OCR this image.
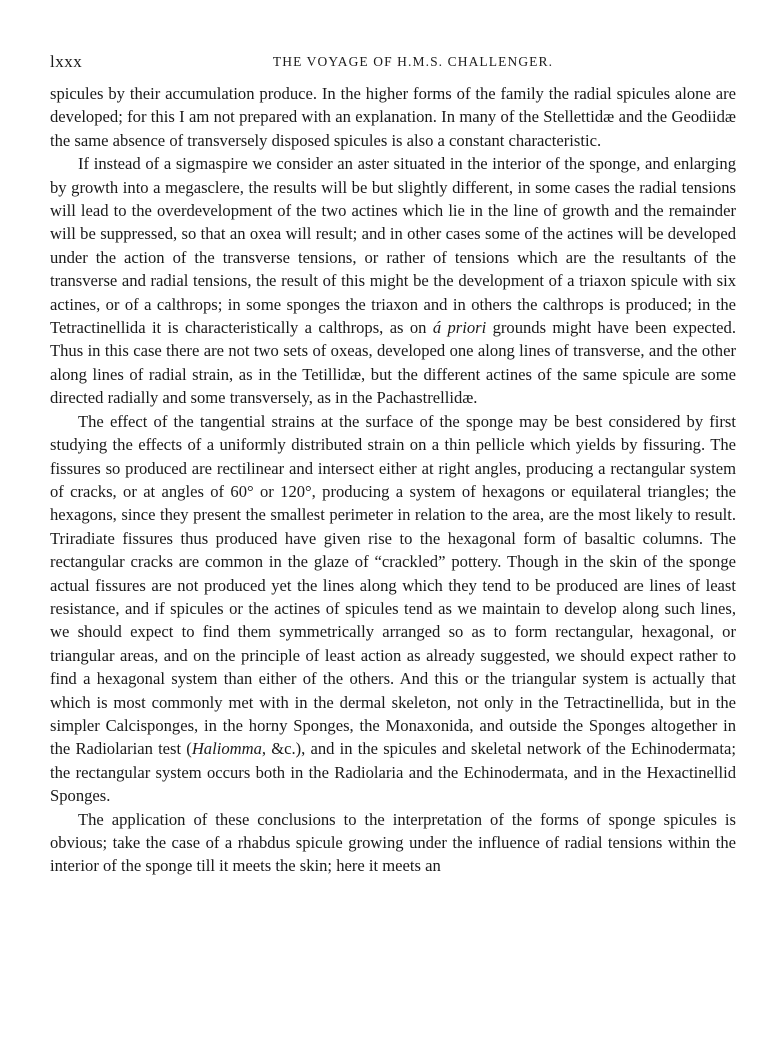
lxxx	THE VOYAGE OF H.M.S. CHALLENGER.

spicules by their accumulation produce. In the higher forms of the family the radial spicules alone are developed; for this I am not prepared with an explanation. In many of the Stellettidæ and the Geodiidæ the same absence of transversely disposed spicules is also a constant characteristic.

If instead of a sigmaspire we consider an aster situated in the interior of the sponge, and enlarging by growth into a megasclere, the results will be but slightly different, in some cases the radial tensions will lead to the overdevelopment of the two actines which lie in the line of growth and the remainder will be suppressed, so that an oxea will result; and in other cases some of the actines will be developed under the action of the transverse tensions, or rather of tensions which are the resultants of the transverse and radial tensions, the result of this might be the development of a triaxon spicule with six actines, or of a calthrops; in some sponges the triaxon and in others the calthrops is produced; in the Tetractinellida it is characteristically a calthrops, as on á priori grounds might have been expected. Thus in this case there are not two sets of oxeas, developed one along lines of transverse, and the other along lines of radial strain, as in the Tetillidæ, but the different actines of the same spicule are some directed radially and some transversely, as in the Pachastrellidæ.

The effect of the tangential strains at the surface of the sponge may be best considered by first studying the effects of a uniformly distributed strain on a thin pellicle which yields by fissuring. The fissures so produced are rectilinear and intersect either at right angles, producing a rectangular system of cracks, or at angles of 60° or 120°, producing a system of hexagons or equilateral triangles; the hexagons, since they present the smallest perimeter in relation to the area, are the most likely to result. Triradiate fissures thus produced have given rise to the hexagonal form of basaltic columns. The rectangular cracks are common in the glaze of “crackled” pottery. Though in the skin of the sponge actual fissures are not produced yet the lines along which they tend to be produced are lines of least resistance, and if spicules or the actines of spicules tend as we maintain to develop along such lines, we should expect to find them symmetrically arranged so as to form rectangular, hexagonal, or triangular areas, and on the principle of least action as already suggested, we should expect rather to find a hexagonal system than either of the others. And this or the triangular system is actually that which is most commonly met with in the dermal skeleton, not only in the Tetractinellida, but in the simpler Calcisponges, in the horny Sponges, the Monaxonida, and outside the Sponges altogether in the Radiolarian test (Haliomma, &c.), and in the spicules and skeletal network of the Echinodermata; the rectangular system occurs both in the Radiolaria and the Echinodermata, and in the Hexactinellid Sponges.

The application of these conclusions to the interpretation of the forms of sponge spicules is obvious; take the case of a rhabdus spicule growing under the influence of radial tensions within the interior of the sponge till it meets the skin; here it meets an
